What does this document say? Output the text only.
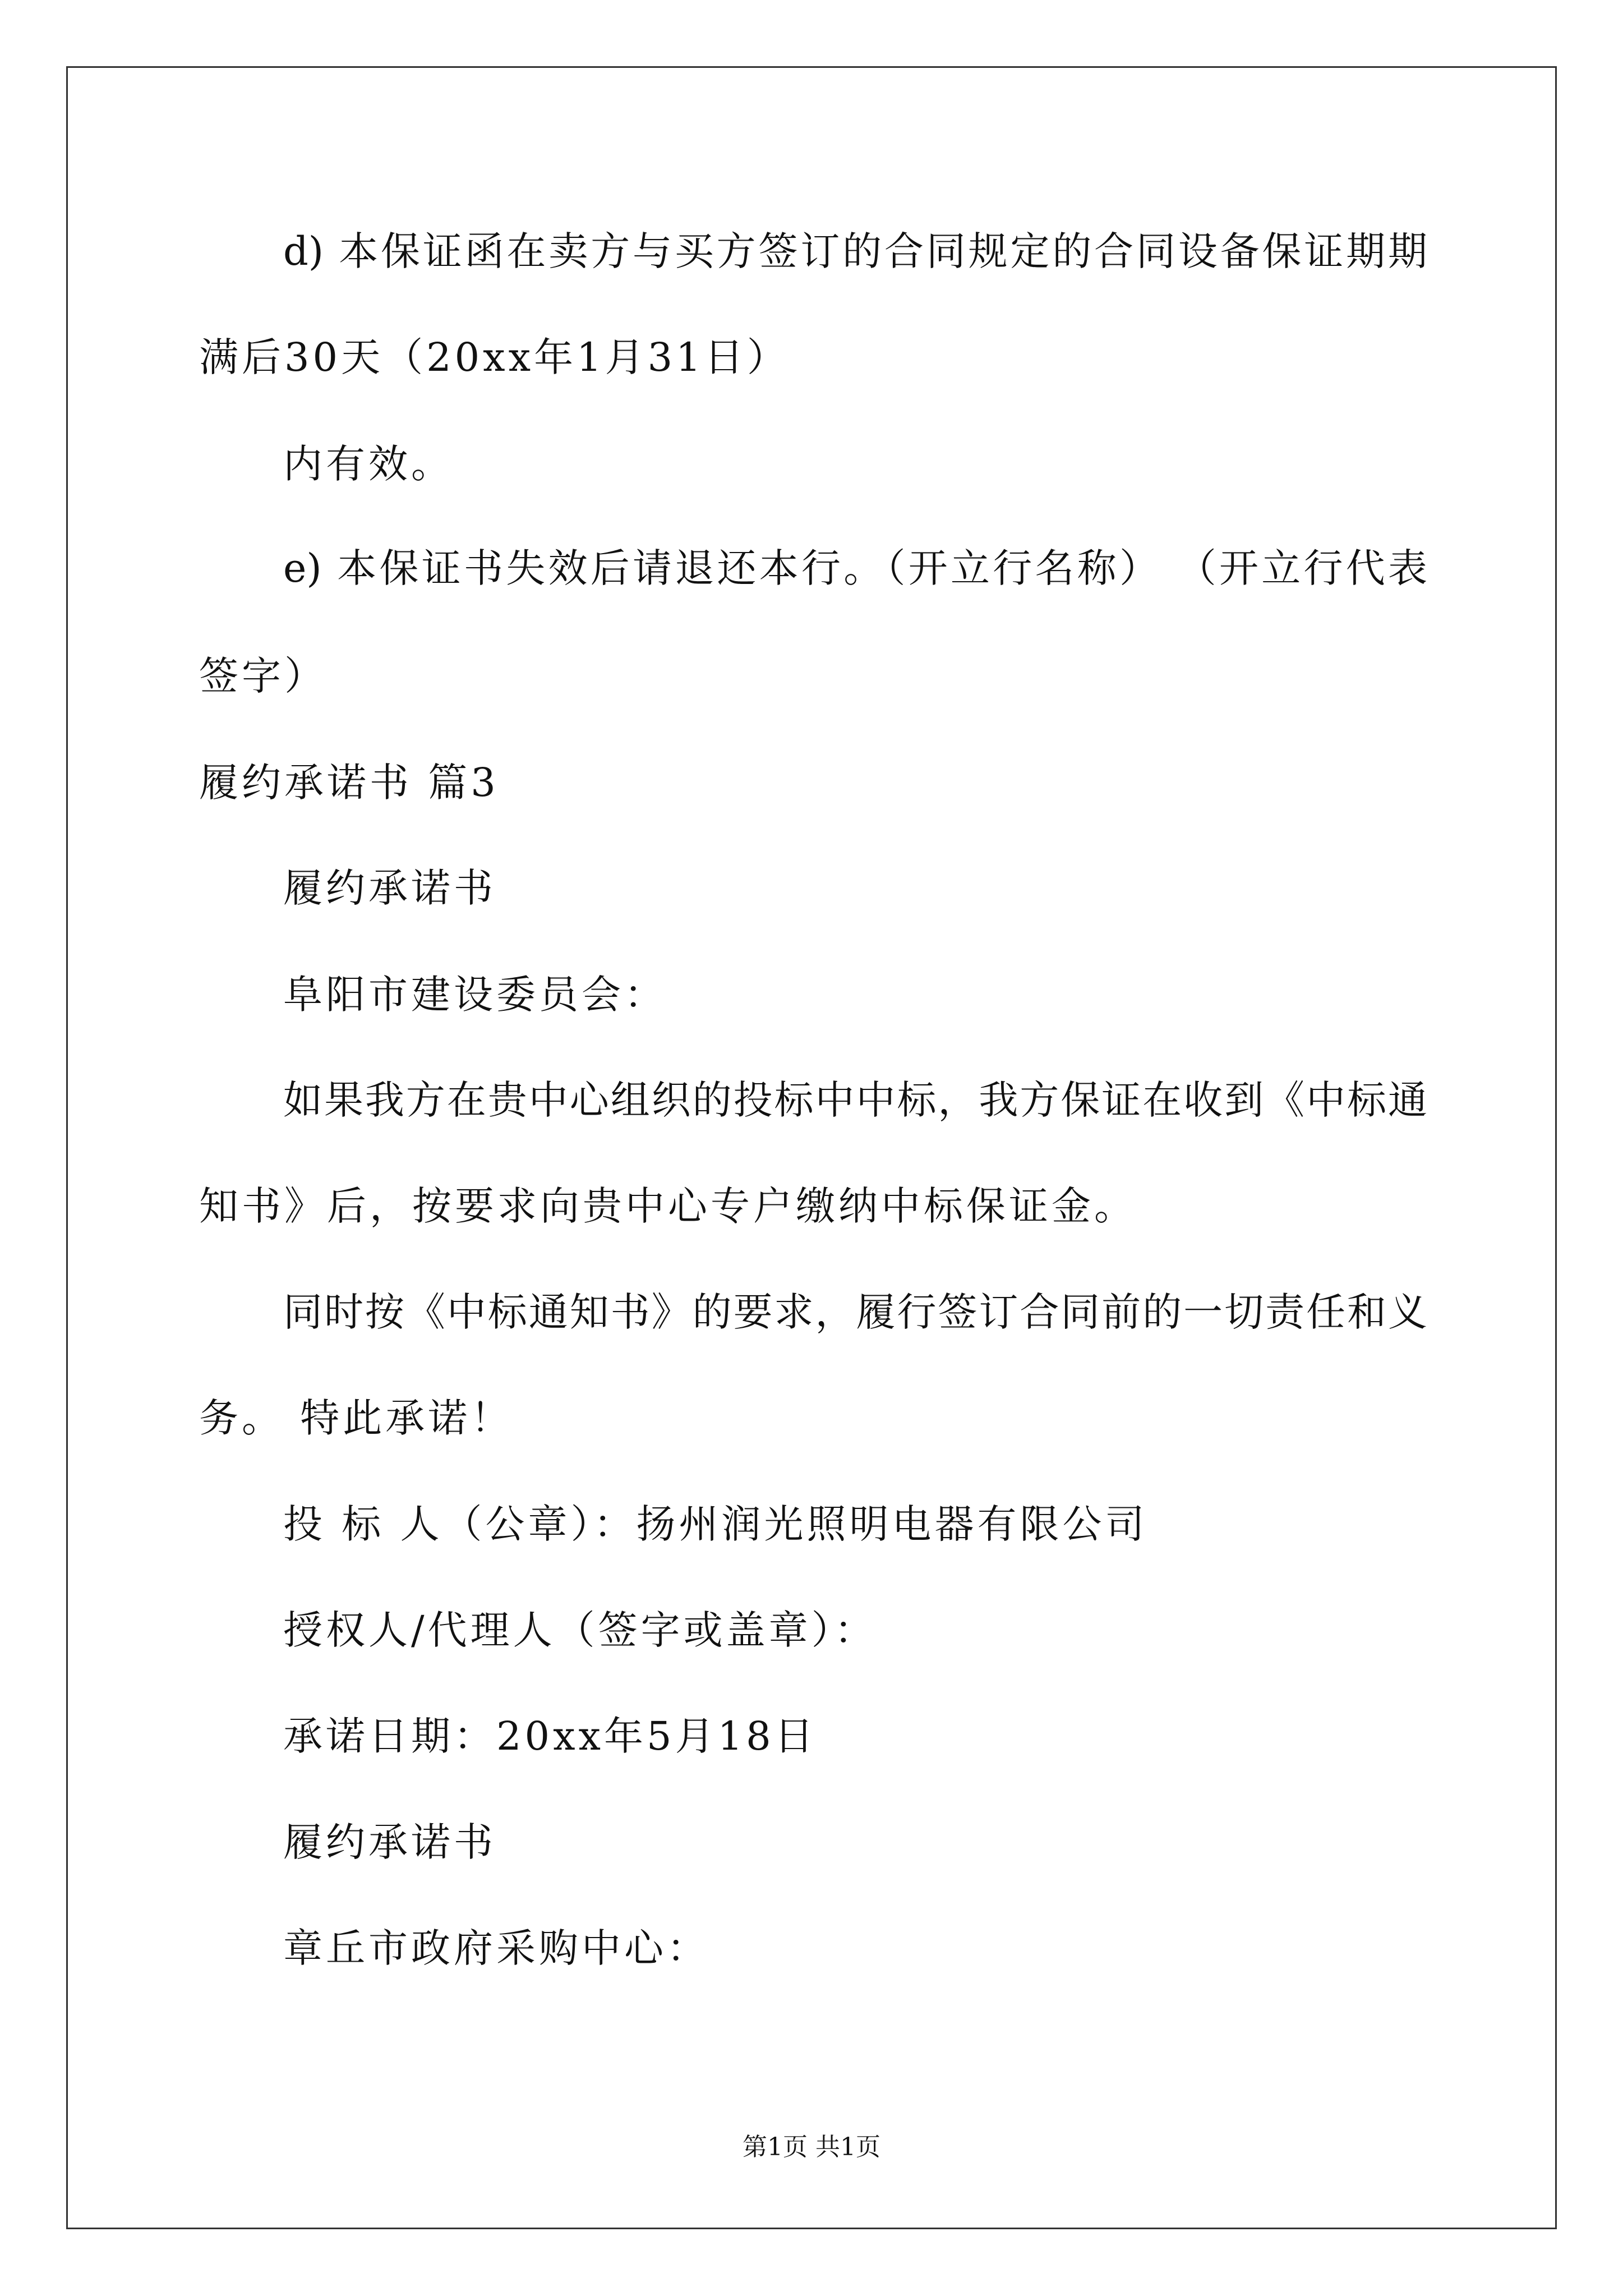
d) 本保证函在卖方与买方签订的合同规定的合同设备保证期期
满后30天（20xx年1月31日）
内有效。
e) 本保证书失效后请退还本行。（开立行名称） （开立行代表
签字）
履约承诺书 篇3
履约承诺书
阜阳市建设委员会：
如果我方在贵中心组织的投标中中标，我方保证在收到《中标通
知书》后，按要求向贵中心专户缴纳中标保证金。
同时按《中标通知书》的要求，履行签订合同前的一切责任和义
务。 特此承诺！
投 标 人（公章）：扬州润光照明电器有限公司
授权人/代理人（签字或盖章）：
承诺日期：20xx年5月18日
履约承诺书
章丘市政府采购中心：
第1页 共1页
